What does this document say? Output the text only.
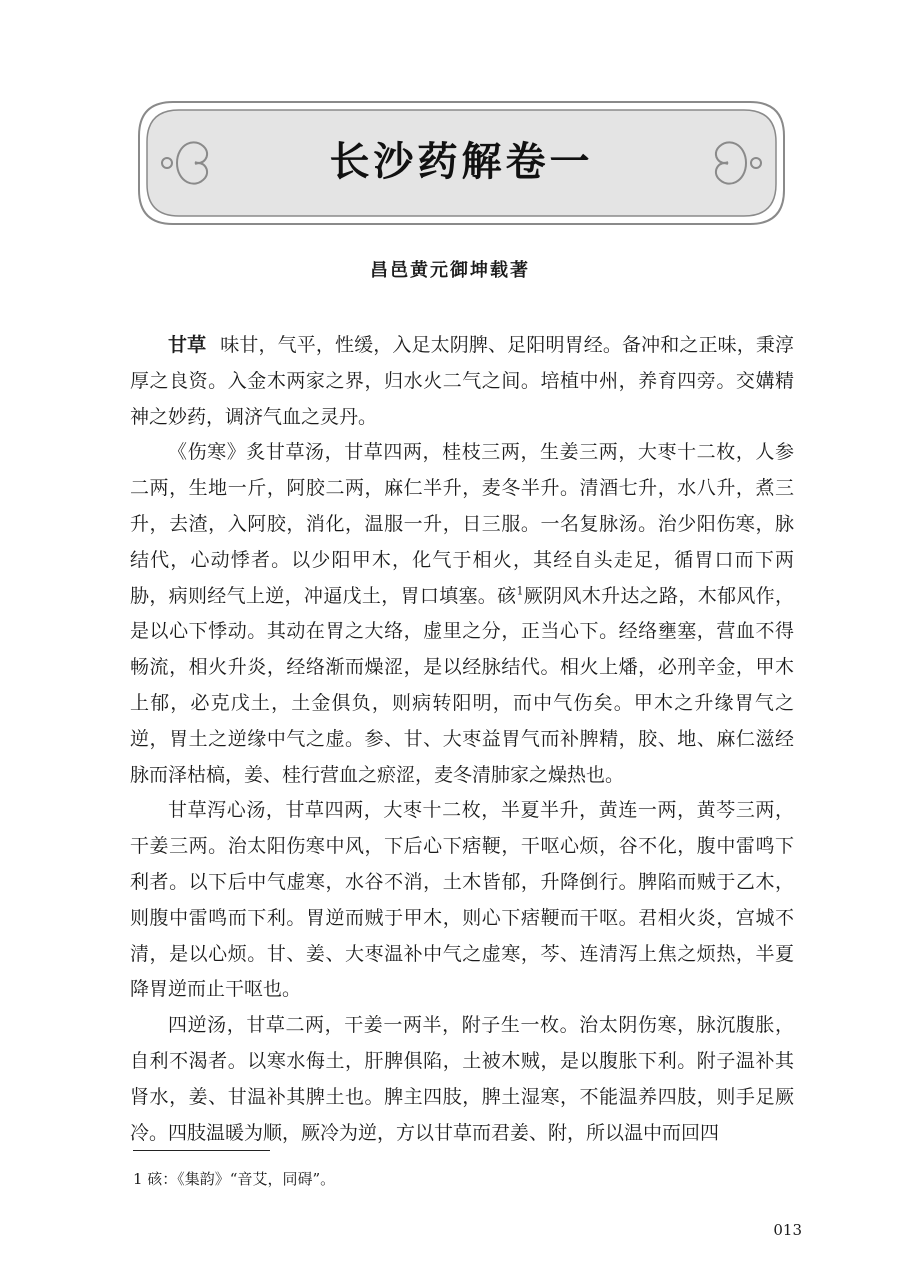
长沙药解卷一
昌邑黄元御坤载著

甘草 味甘，气平，性缓，入足太阴脾、足阳明胃经。备冲和之正味，秉淳厚之良资。入金木两家之界，归水火二气之间。培植中州，养育四旁。交媾精神之妙药，调济气血之灵丹。

《伤寒》炙甘草汤，甘草四两，桂枝三两，生姜三两，大枣十二枚，人参二两，生地一斤，阿胶二两，麻仁半升，麦冬半升。清酒七升，水八升，煮三升，去渣，入阿胶，消化，温服一升，日三服。一名复脉汤。治少阳伤寒，脉结代，心动悸者。以少阳甲木，化气于相火，其经自头走足，循胃口而下两胁，病则经气上逆，冲逼戊土，胃口填塞。硋$^1$厥阴风木升达之路，木郁风作，是以心下悸动。其动在胃之大络，虚里之分，正当心下。经络壅塞，营血不得畅流，相火升炎，经络渐而燥涩，是以经脉结代。相火上燔，必刑辛金，甲木上郁，必克戊土，土金俱负，则病转阳明，而中气伤矣。甲木之升缘胃气之逆，胃土之逆缘中气之虚。参、甘、大枣益胃气而补脾精，胶、地、麻仁滋经脉而泽枯槁，姜、桂行营血之瘀涩，麦冬清肺家之燥热也。

甘草泻心汤，甘草四两，大枣十二枚，半夏半升，黄连一两，黄芩三两，干姜三两。治太阳伤寒中风，下后心下痞鞕，干呕心烦，谷不化，腹中雷鸣下利者。以下后中气虚寒，水谷不消，土木皆郁，升降倒行。脾陷而贼于乙木，则腹中雷鸣而下利。胃逆而贼于甲木，则心下痞鞕而干呕。君相火炎，宫城不清，是以心烦。甘、姜、大枣温补中气之虚寒，芩、连清泻上焦之烦热，半夏降胃逆而止干呕也。

四逆汤，甘草二两，干姜一两半，附子生一枚。治太阴伤寒，脉沉腹胀，自利不渴者。以寒水侮土，肝脾俱陷，土被木贼，是以腹胀下利。附子温补其肾水，姜、甘温补其脾土也。脾主四肢，脾土湿寒，不能温养四肢，则手足厥冷。四肢温暖为顺，厥冷为逆，方以甘草而君姜、附，所以温中而回四

1 硋：《集韵》“音艾，同碍”。
013
